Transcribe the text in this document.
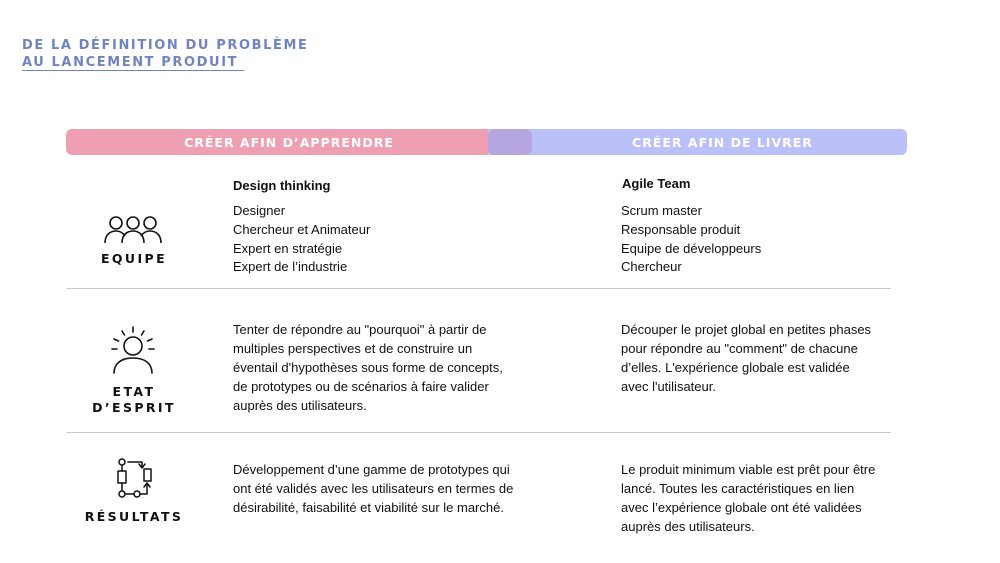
DE LA DÉFINITION DU PROBLÈME
AU LANCEMENT PRODUIT
CRÉER AFIN D’APPRENDRE	CRÉER AFIN DE LIVRER
Design thinking	Agile Team
EQUIPE
Designer
Chercheur et Animateur
Expert en stratégie
Expert de l’industrie
Scrum master
Responsable produit
Equipe de développeurs
Chercheur
ETAT
D’ESPRIT

Tenter de répondre au "pourquoi" à partir de multiples perspectives et de construire un éventail d'hypothèses sous forme de concepts, de prototypes ou de scénarios à faire valider auprès des utilisateurs.

Découper le projet global en petites phases pour répondre au "comment" de chacune d’elles. L'expérience globale est validée avec l'utilisateur.

RÉSULTATS

Développement d’une gamme de prototypes qui ont été validés avec les utilisateurs en termes de désirabilité, faisabilité et viabilité sur le marché.

Le produit minimum viable est prêt pour être lancé. Toutes les caractéristiques en lien avec l’expérience globale ont été validées auprès des utilisateurs.
